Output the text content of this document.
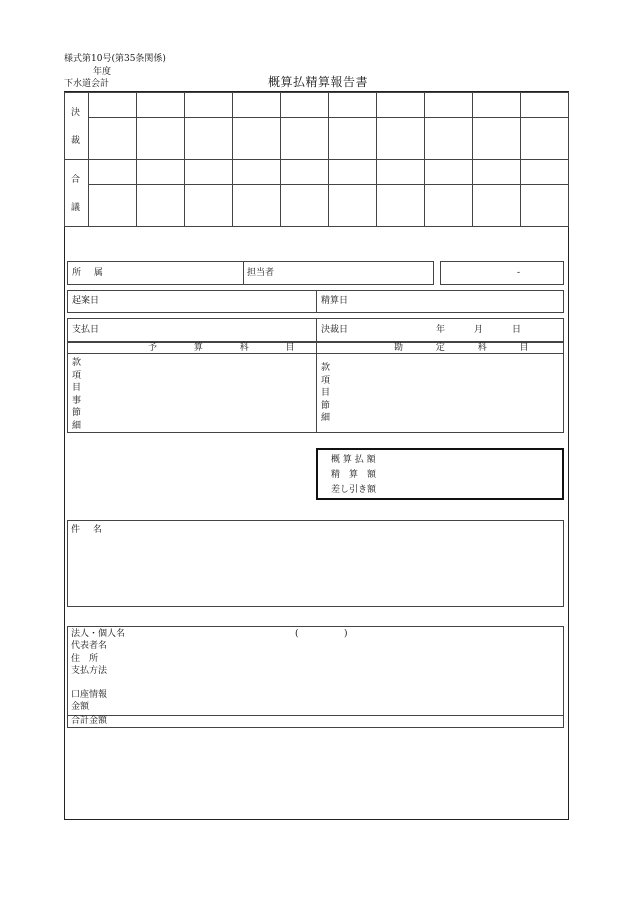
様式第10号(第35条関係)
年度
下水道会計	概算払精算報告書

決
裁
合
議
所 属	担当者	-
起案日	精算日
支払日	決裁日	年	月	日
予 算 科 目	勘 定 科 目
款
項
目
事
節
細
款
項
目
節
細
概 算 払 額
精　算　額
差し引き額
件 名
法人・個人名	(	)
代表者名
住　所
支払方法
口座情報
金額
合計金額
